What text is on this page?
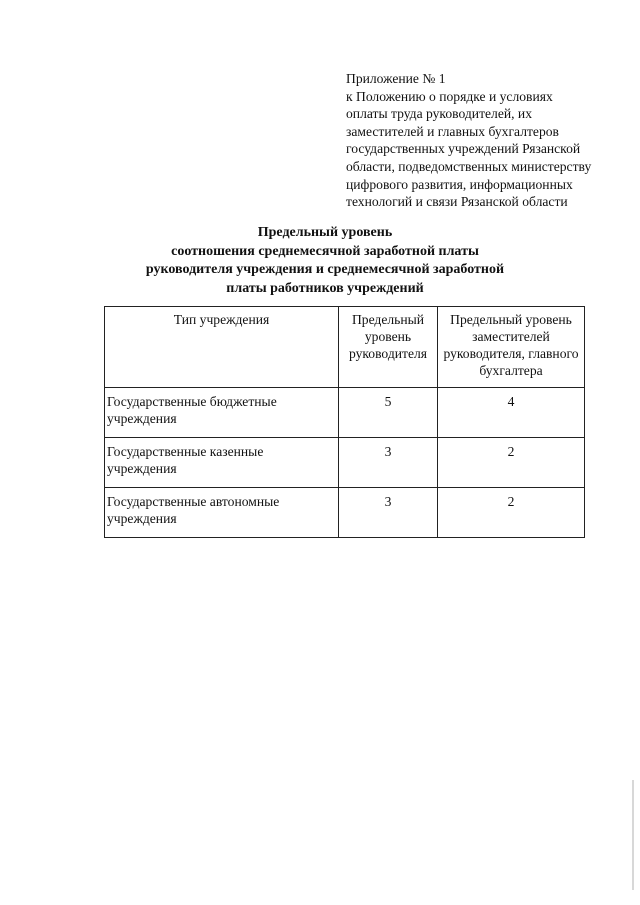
Приложение № 1
к Положению о порядке и условиях
оплаты труда руководителей, их
заместителей и главных бухгалтеров
государственных учреждений Рязанской
области, подведомственных министерству
цифрового развития, информационных
технологий и связи Рязанской области
Предельный уровень
соотношения среднемесячной заработной платы
руководителя учреждения и среднемесячной заработной
платы работников учреждений
Тип учреждения	Предельный уровень руководителя	Предельный уровень заместителей руководителя, главного бухгалтера
Государственные бюджетные учреждения	5	4
Государственные казенные учреждения	3	2
Государственные автономные учреждения	3	2
